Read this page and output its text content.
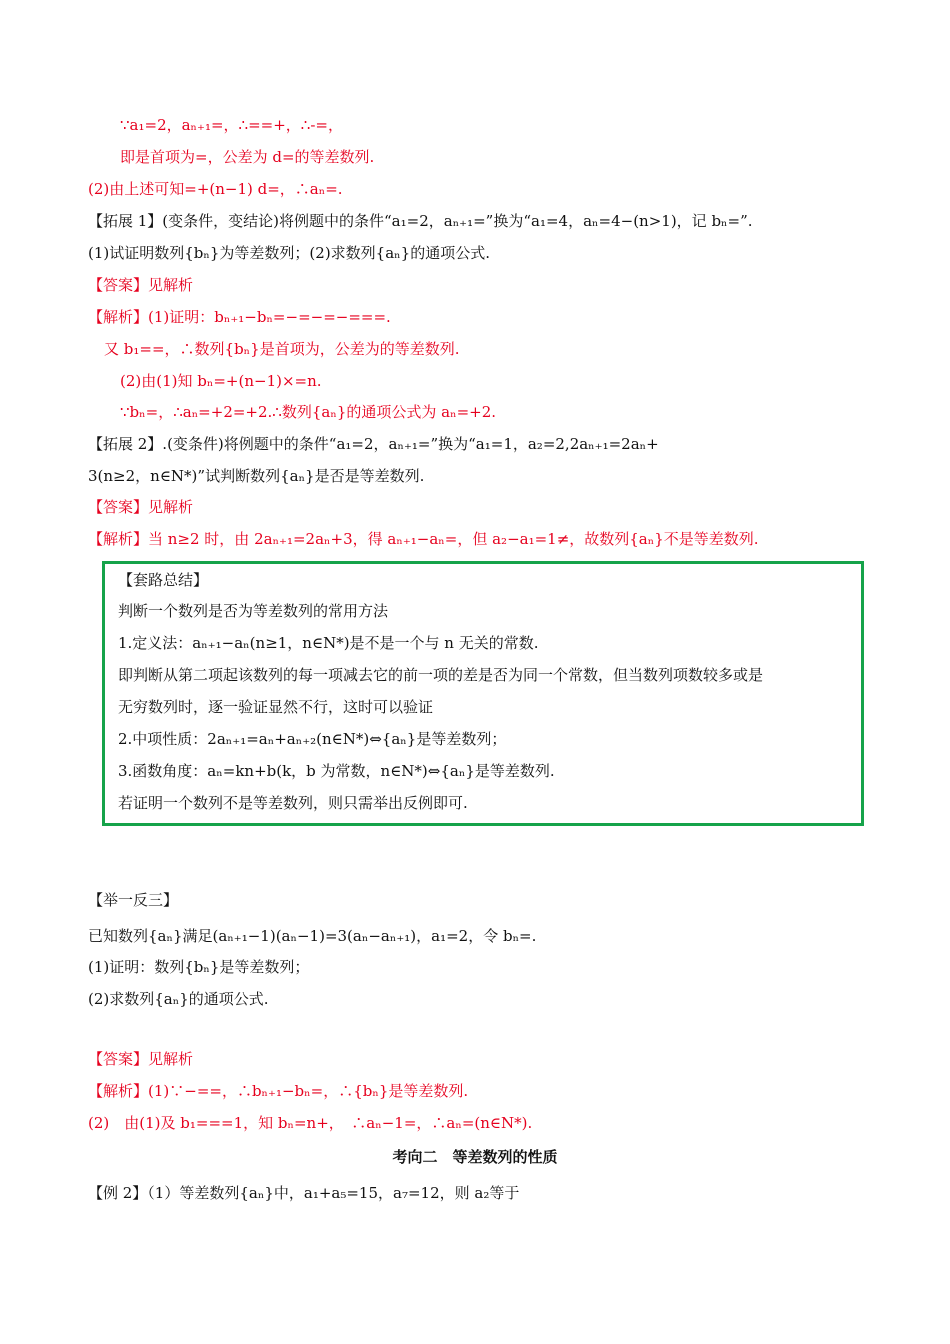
∵a₁=2，aₙ₊₁=，∴==+，∴-=，
即是首项为=，公差为 d=的等差数列.
(2)由上述可知=+(n−1) d=，∴aₙ=.
【拓展 1】(变条件，变结论)将例题中的条件“a₁=2，aₙ₊₁=”换为“a₁=4，aₙ=4−(n>1)，记 bₙ=”.
(1)试证明数列{bₙ}为等差数列；(2)求数列{aₙ}的通项公式.
【答案】见解析
【解析】(1)证明：bₙ₊₁−bₙ=−=−=−===.
又 b₁==，∴数列{bₙ}是首项为，公差为的等差数列.
(2)由(1)知 bₙ=+(n−1)×=n.
∵bₙ=，∴aₙ=+2=+2.∴数列{aₙ}的通项公式为 aₙ=+2.
【拓展 2】.(变条件)将例题中的条件“a₁=2，aₙ₊₁=”换为“a₁=1，a₂=2,2aₙ₊₁=2aₙ+
3(n≥2，n∈N*)”试判断数列{aₙ}是否是等差数列.
【答案】见解析
【解析】当 n≥2 时，由 2aₙ₊₁=2aₙ+3，得 aₙ₊₁−aₙ=，但 a₂−a₁=1≠，故数列{aₙ}不是等差数列.
【套路总结】
判断一个数列是否为等差数列的常用方法
1.定义法：aₙ₊₁−aₙ(n≥1，n∈N*)是不是一个与 n 无关的常数.
即判断从第二项起该数列的每一项减去它的前一项的差是否为同一个常数，但当数列项数较多或是
无穷数列时，逐一验证显然不行，这时可以验证
2.中项性质：2aₙ₊₁=aₙ+aₙ₊₂(n∈N*)⇔{aₙ}是等差数列；
3.函数角度：aₙ=kn+b(k，b 为常数，n∈N*)⇔{aₙ}是等差数列.
若证明一个数列不是等差数列，则只需举出反例即可.
【举一反三】
已知数列{aₙ}满足(aₙ₊₁−1)(aₙ−1)=3(aₙ−aₙ₊₁)，a₁=2，令 bₙ=.
(1)证明：数列{bₙ}是等差数列；
(2)求数列{aₙ}的通项公式.
【答案】见解析
【解析】(1)∵−==，∴bₙ₊₁−bₙ=，∴{bₙ}是等差数列.
(2)　由(1)及 b₁===1，知 bₙ=n+，　∴aₙ−1=，∴aₙ=(n∈N*).
考向二　等差数列的性质
【例 2】（1）等差数列{aₙ}中，a₁+a₅=15，a₇=12，则 a₂等于
